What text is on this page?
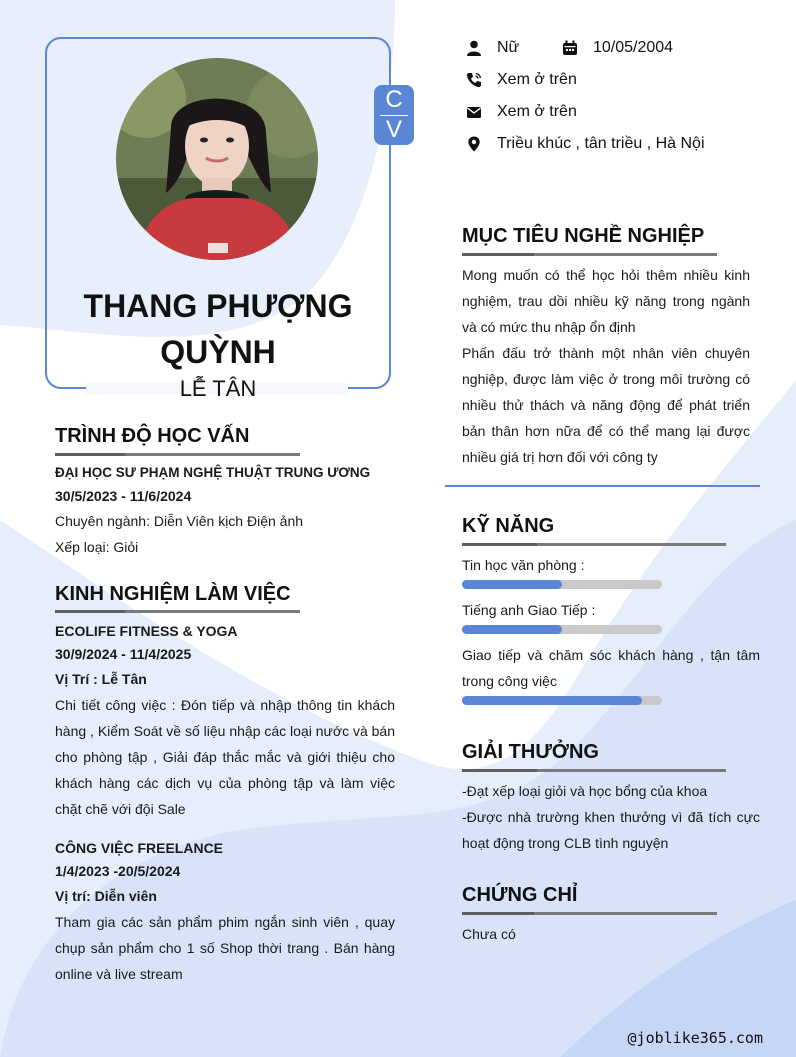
C
V
THANG PHƯỢNG QUỲNH
LỄ TÂN
Nữ	10/05/2004
Xem ở trên
Xem ở trên
Triều khúc , tân triều , Hà Nội
TRÌNH ĐỘ HỌC VẤN
ĐẠI HỌC SƯ PHẠM NGHỆ THUẬT TRUNG ƯƠNG
30/5/2023 - 11/6/2024
Chuyên ngành: Diễn Viên kịch Điện ảnh
Xếp loại: Giỏi
KINH NGHIỆM LÀM VIỆC
ECOLIFE FITNESS & YOGA
30/9/2024 - 11/4/2025
Vị Trí : Lễ Tân
Chi tiết công việc : Đón tiếp và nhập thông tin khách hàng , Kiểm Soát về số liệu nhập các loại nước và bán cho phòng tập , Giải đáp thắc mắc và giới thiệu cho khách hàng các dịch vụ của phòng tập và làm việc chặt chẽ với đội Sale
CÔNG VIỆC FREELANCE
1/4/2023 -20/5/2024
Vị trí: Diễn viên
Tham gia các sản phẩm phim ngắn sinh viên , quay chụp sản phẩm cho 1 số Shop thời trang . Bán hàng online và live stream
MỤC TIÊU NGHỀ NGHIỆP
Mong muốn có thể học hỏi thêm nhiều kinh nghiệm, trau dồi nhiều kỹ năng trong ngành và có mức thu nhập ổn định
Phấn đấu trở thành một nhân viên chuyên nghiệp, được làm việc ở trong môi trường có nhiều thử thách và năng động để phát triển bản thân hơn nữa để có thể mang lại được nhiều giá trị hơn đối với công ty
KỸ NĂNG
Tin học văn phòng :
Tiếng anh Giao Tiếp :
Giao tiếp và chăm sóc khách hàng , tận tâm trong công việc
GIẢI THƯỞNG
-Đạt xếp loại giỏi và học bổng của khoa
-Được nhà trường khen thưởng vì đã tích cực hoạt động trong CLB tình nguyện
CHỨNG CHỈ
Chưa có
@joblike365.com
